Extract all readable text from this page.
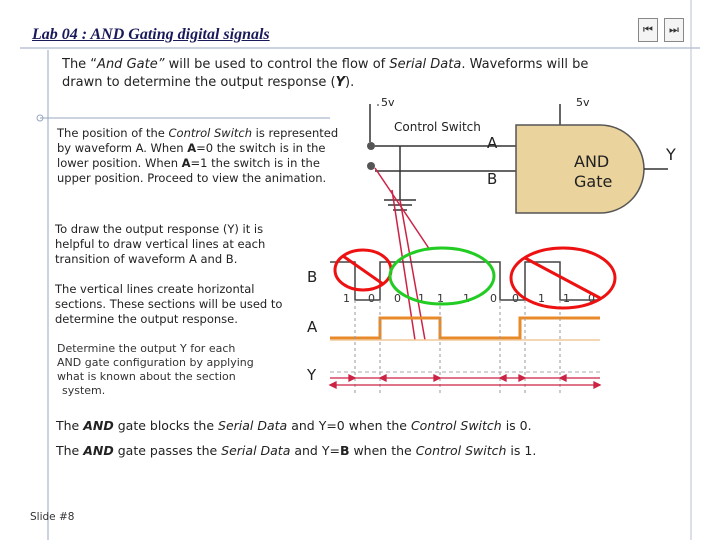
Lab 04 : AND Gating digital signals	⏮ ⏭
The “And Gate” will be used to control the flow of Serial Data. Waveforms will be drawn to determine the output response (Y).
5v	5v
Control Switch
A
B
AND
Gate
Y
The position of the Control Switch is represented by waveform A. When A=0 the switch is in the lower position. When A=1 the switch is in the upper position. Proceed to view the animation.
To draw the output response (Y) it is helpful to draw vertical lines at each transition of waveform A and B.
The vertical lines create horizontal sections. These sections will be used to determine the output response.
Determine the output Y for each
AND gate configuration by applying
what is known about the section
system.
B
A
Y
1 0 0 1 1 1 0 0 1 1 0
The AND gate blocks the Serial Data and Y=0 when the Control Switch is 0.
The AND gate passes the Serial Data and Y=B when the Control Switch is 1.
Slide #8
